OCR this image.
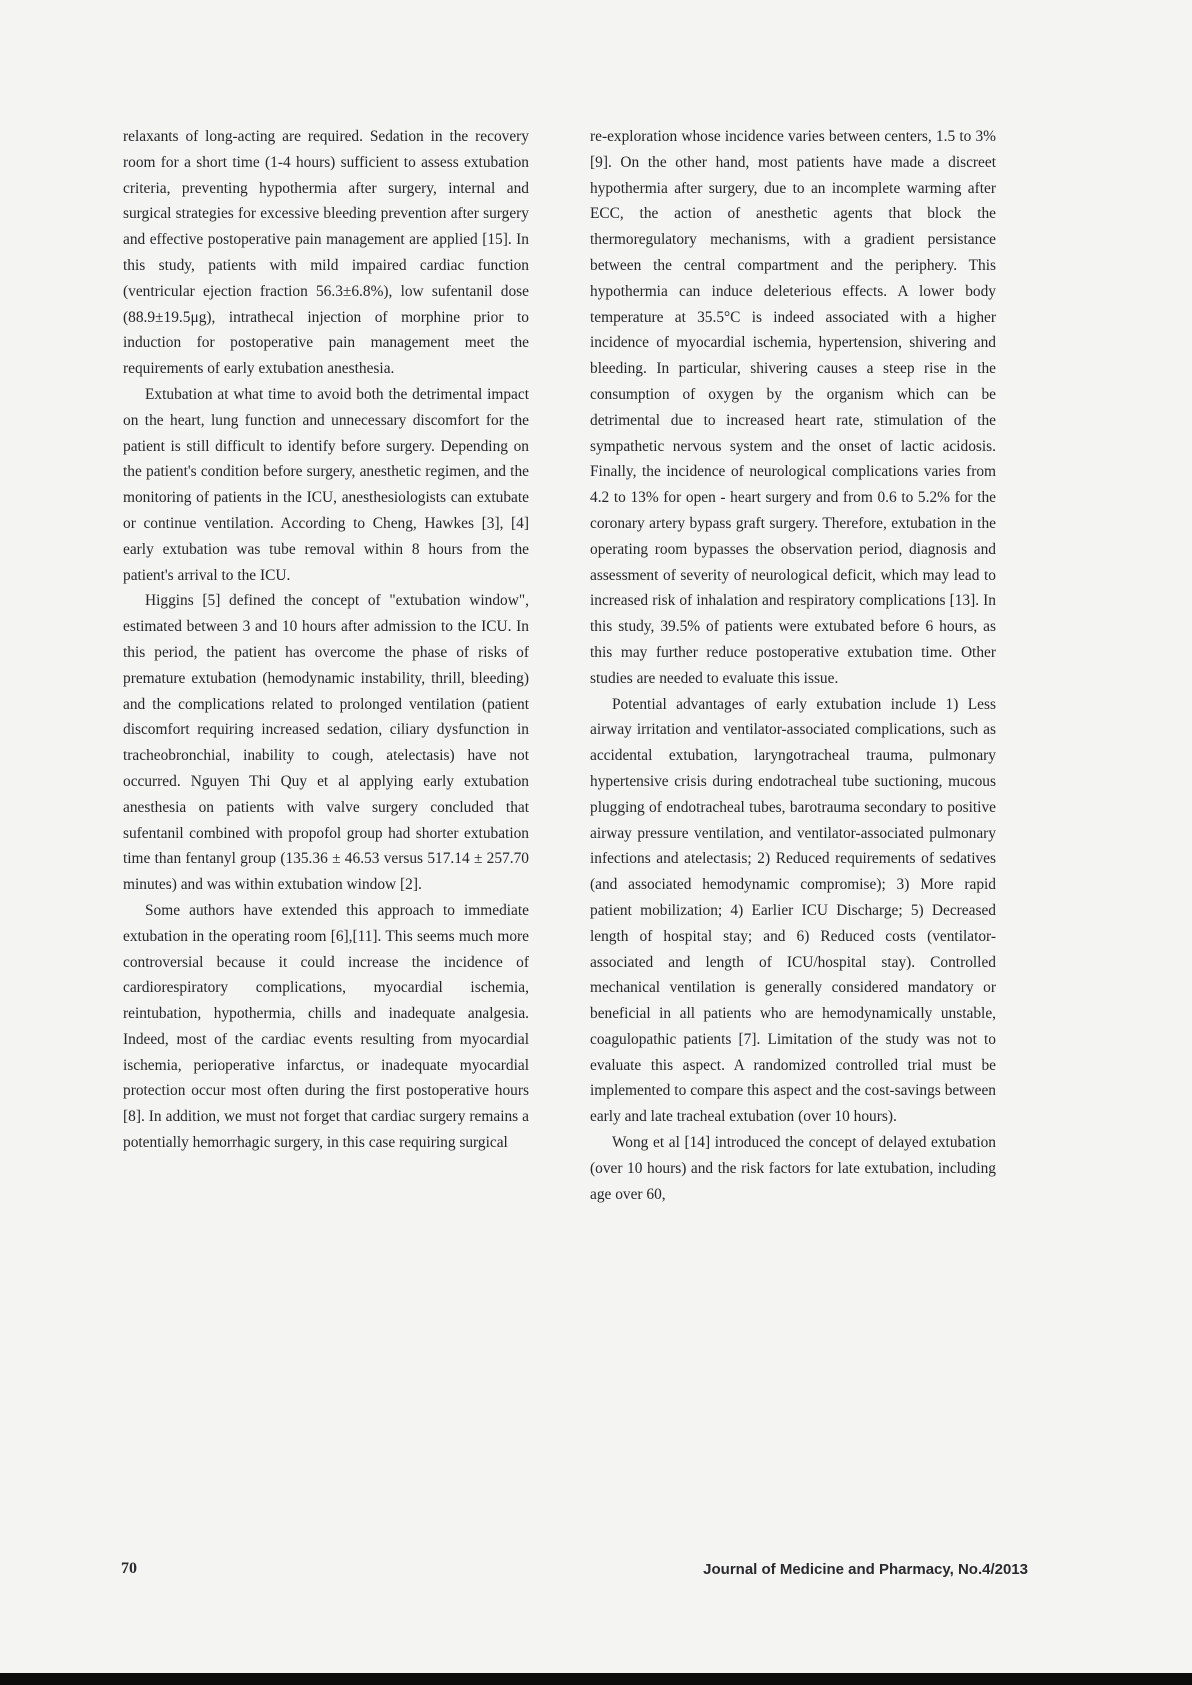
relaxants of long-acting are required. Sedation in the recovery room for a short time (1-4 hours) sufficient to assess extubation criteria, preventing hypothermia after surgery, internal and surgical strategies for excessive bleeding prevention after surgery and effective postoperative pain management are applied [15]. In this study, patients with mild impaired cardiac function (ventricular ejection fraction 56.3±6.8%), low sufentanil dose (88.9±19.5μg), intrathecal injection of morphine prior to induction for postoperative pain management meet the requirements of early extubation anesthesia.

Extubation at what time to avoid both the detrimental impact on the heart, lung function and unnecessary discomfort for the patient is still difficult to identify before surgery. Depending on the patient's condition before surgery, anesthetic regimen, and the monitoring of patients in the ICU, anesthesiologists can extubate or continue ventilation. According to Cheng, Hawkes [3], [4] early extubation was tube removal within 8 hours from the patient's arrival to the ICU.

Higgins [5] defined the concept of "extubation window", estimated between 3 and 10 hours after admission to the ICU. In this period, the patient has overcome the phase of risks of premature extubation (hemodynamic instability, thrill, bleeding) and the complications related to prolonged ventilation (patient discomfort requiring increased sedation, ciliary dysfunction in tracheobronchial, inability to cough, atelectasis) have not occurred. Nguyen Thi Quy et al applying early extubation anesthesia on patients with valve surgery concluded that sufentanil combined with propofol group had shorter extubation time than fentanyl group (135.36 ± 46.53 versus 517.14 ± 257.70 minutes) and was within extubation window [2].

Some authors have extended this approach to immediate extubation in the operating room [6],[11]. This seems much more controversial because it could increase the incidence of cardiorespiratory complications, myocardial ischemia, reintubation, hypothermia, chills and inadequate analgesia. Indeed, most of the cardiac events resulting from myocardial ischemia, perioperative infarctus, or inadequate myocardial protection occur most often during the first postoperative hours [8]. In addition, we must not forget that cardiac surgery remains a potentially hemorrhagic surgery, in this case requiring surgical

re-exploration whose incidence varies between centers, 1.5 to 3% [9]. On the other hand, most patients have made a discreet hypothermia after surgery, due to an incomplete warming after ECC, the action of anesthetic agents that block the thermoregulatory mechanisms, with a gradient persistance between the central compartment and the periphery. This hypothermia can induce deleterious effects. A lower body temperature at 35.5°C is indeed associated with a higher incidence of myocardial ischemia, hypertension, shivering and bleeding. In particular, shivering causes a steep rise in the consumption of oxygen by the organism which can be detrimental due to increased heart rate, stimulation of the sympathetic nervous system and the onset of lactic acidosis. Finally, the incidence of neurological complications varies from 4.2 to 13% for open - heart surgery and from 0.6 to 5.2% for the coronary artery bypass graft surgery. Therefore, extubation in the operating room bypasses the observation period, diagnosis and assessment of severity of neurological deficit, which may lead to increased risk of inhalation and respiratory complications [13]. In this study, 39.5% of patients were extubated before 6 hours, as this may further reduce postoperative extubation time. Other studies are needed to evaluate this issue.

Potential advantages of early extubation include 1) Less airway irritation and ventilator-associated complications, such as accidental extubation, laryngotracheal trauma, pulmonary hypertensive crisis during endotracheal tube suctioning, mucous plugging of endotracheal tubes, barotrauma secondary to positive airway pressure ventilation, and ventilator-associated pulmonary infections and atelectasis; 2) Reduced requirements of sedatives (and associated hemodynamic compromise); 3) More rapid patient mobilization; 4) Earlier ICU Discharge; 5) Decreased length of hospital stay; and 6) Reduced costs (ventilator-associated and length of ICU/hospital stay). Controlled mechanical ventilation is generally considered mandatory or beneficial in all patients who are hemodynamically unstable, coagulopathic patients [7]. Limitation of the study was not to evaluate this aspect. A randomized controlled trial must be implemented to compare this aspect and the cost-savings between early and late tracheal extubation (over 10 hours).

Wong et al [14] introduced the concept of delayed extubation (over 10 hours) and the risk factors for late extubation, including age over 60,

70	Journal of Medicine and Pharmacy, No.4/2013
